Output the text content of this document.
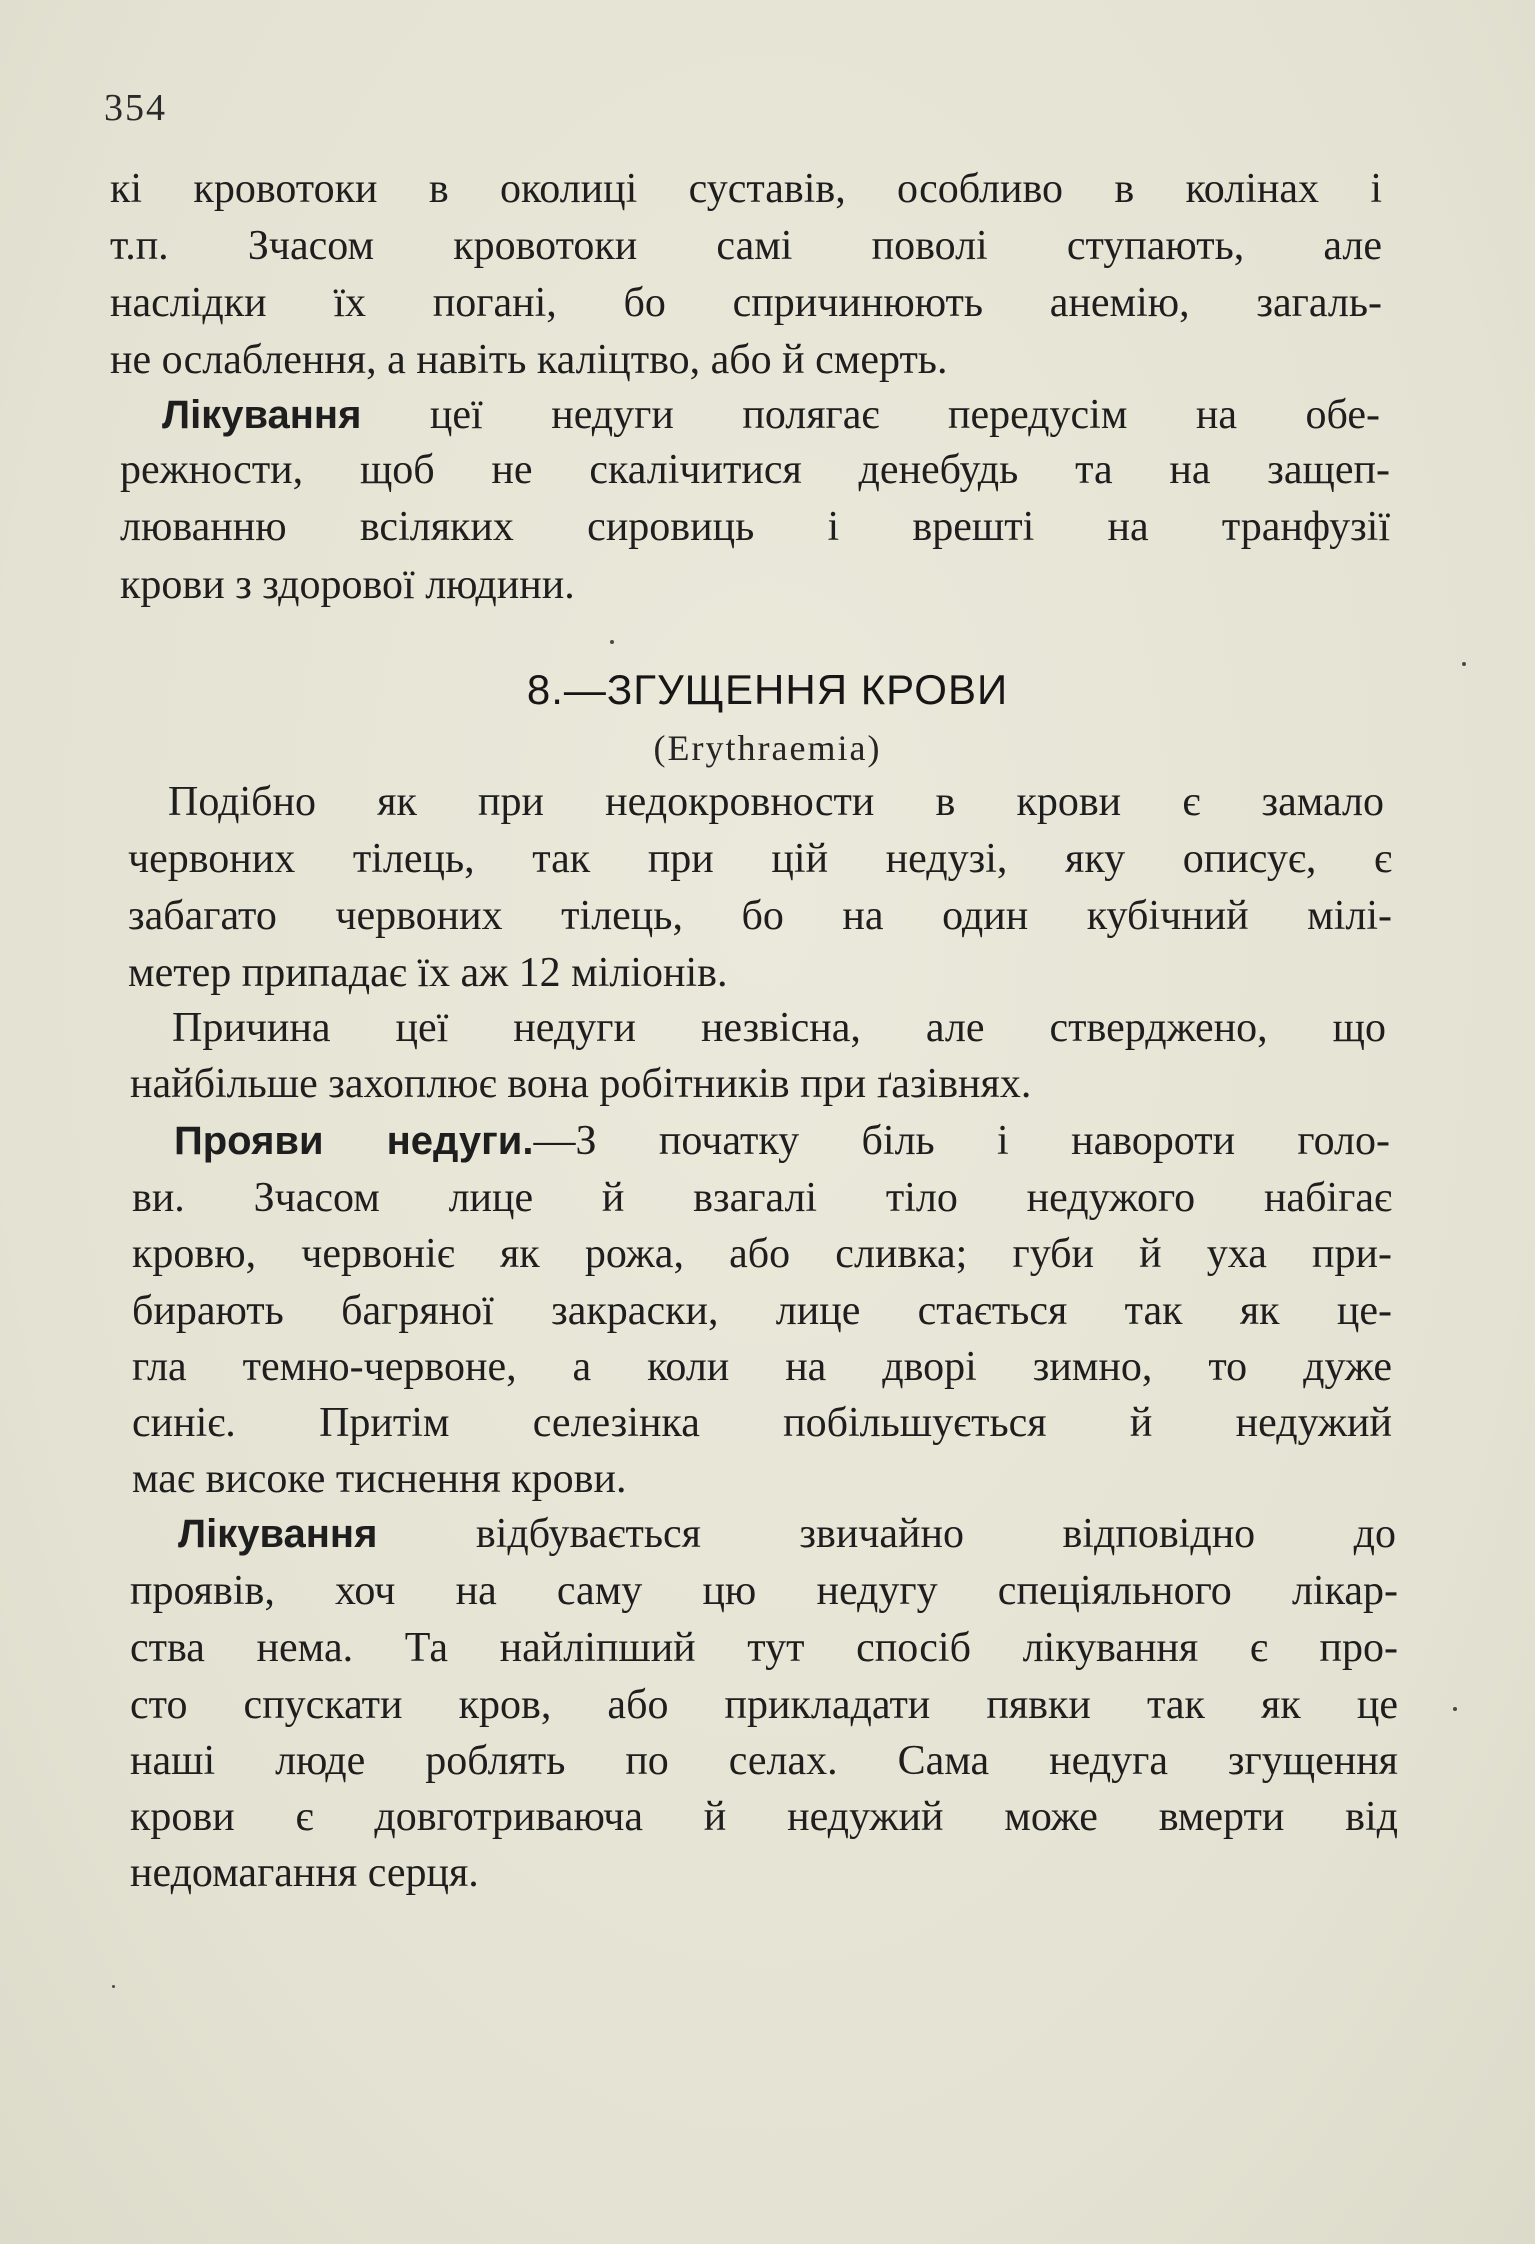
354
кі кровотоки в околиці суставів, особливо в колінах і
т.п. Зчасом кровотоки самі поволі ступають, але
наслідки їх погані, бо спричинюють анемію, загаль-
не ослаблення, а навіть каліцтво, або й смерть.
Лікування цеї недуги полягає передусім на обе-
режности, щоб не скалічитися денебудь та на защеп-
люванню всіляких сировиць і врешті на транфузії
крови з здорової людини.
8.—ЗГУЩЕННЯ КРОВИ
(Erythraemia)
Подібно як при недокровности в крови є замало
червоних тілець, так при цій недузі, яку описує, є
забагато червоних тілець, бо на один кубічний мілі-
метер припадає їх аж 12 міліонів.
Причина цеї недуги незвісна, але стверджено, що
найбільше захоплює вона робітників при ґазівнях.
Прояви недуги.—З початку біль і навороти голо-
ви. Зчасом лице й взагалі тіло недужого набігає
кровю, червоніє як рожа, або сливка; губи й уха при-
бирають багряної закраски, лице стається так як це-
гла темно-червоне, а коли на дворі зимно, то дуже
синіє. Притім селезінка побільшується й недужий
має високе тиснення крови.
Лікування відбувається звичайно відповідно до
проявів, хоч на саму цю недугу спеціяльного лікар-
ства нема. Та найліпший тут спосіб лікування є про-
сто спускати кров, або прикладати пявки так як це
наші люде роблять по селах. Сама недуга згущення
крови є довготриваюча й недужий може вмерти від
недомагання серця.
